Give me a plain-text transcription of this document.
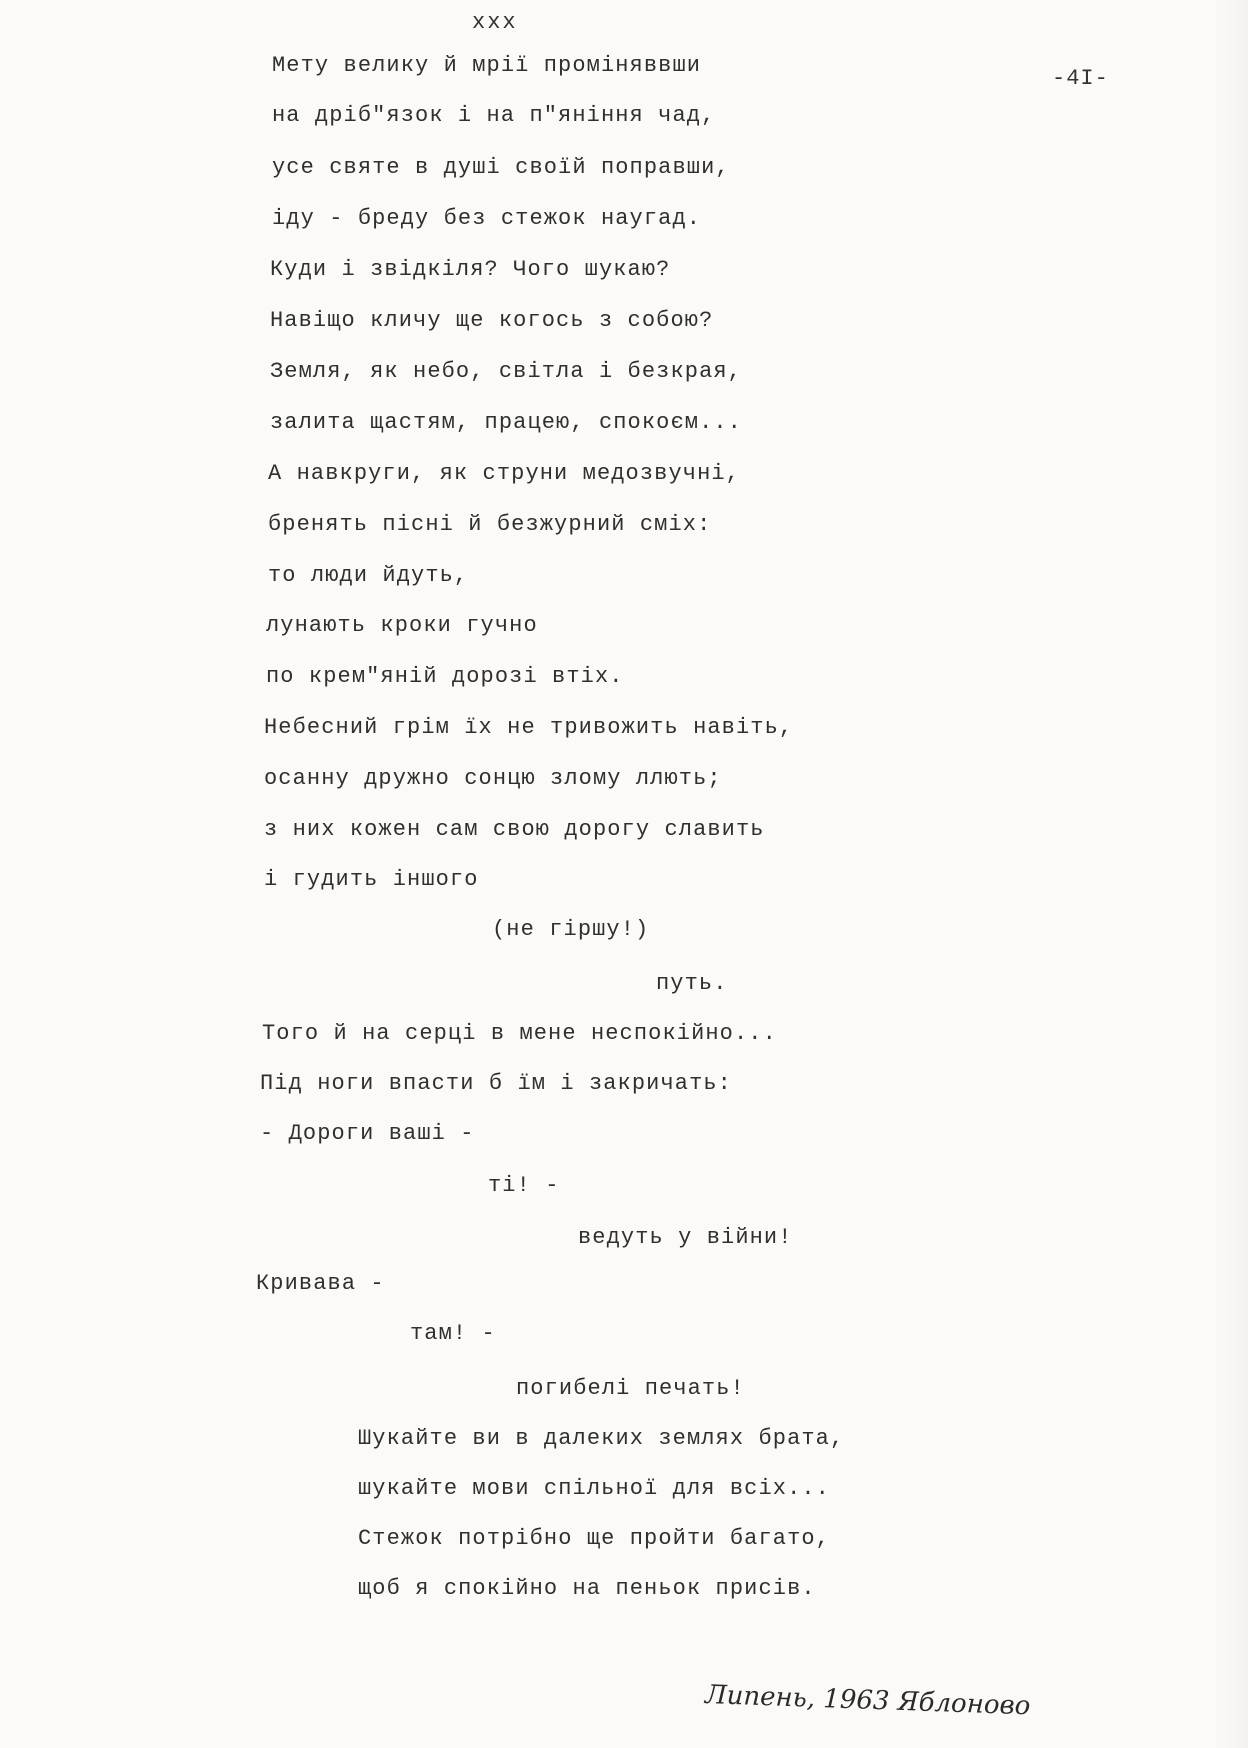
xxx
-4I-
Мету велику й мрії проміняввши
на дріб"язок і на п"яніння чад,
усе святе в душі своїй поправши,
іду - бреду без стежок наугад.
Куди і звідкіля? Чого шукаю?
Навіщо кличу ще когось з собою?
Земля, як небо, світла і безкрая,
залита щастям, працею, спокоєм...
А навкруги, як струни медозвучні,
бренять пісні й безжурний сміх:
то люди йдуть,
лунають кроки гучно
по крем"яній дорозі втіх.
Небесний грім їх не тривожить навіть,
осанну дружно сонцю злому ллють;
з них кожен сам свою дорогу славить
і гудить іншого
(не гіршу!)
путь.
Того й на серці в мене неспокійно...
Під ноги впасти б їм і закричать:
- Дороги ваші -
ті! -
ведуть у війни!
Кривава -
там! -
погибелі печать!
Шукайте ви в далеких землях брата,
шукайте мови спільної для всіх...
Стежок потрібно ще пройти багато,
щоб я спокійно на пеньок присів.
Липень, 1963 Яблоново
